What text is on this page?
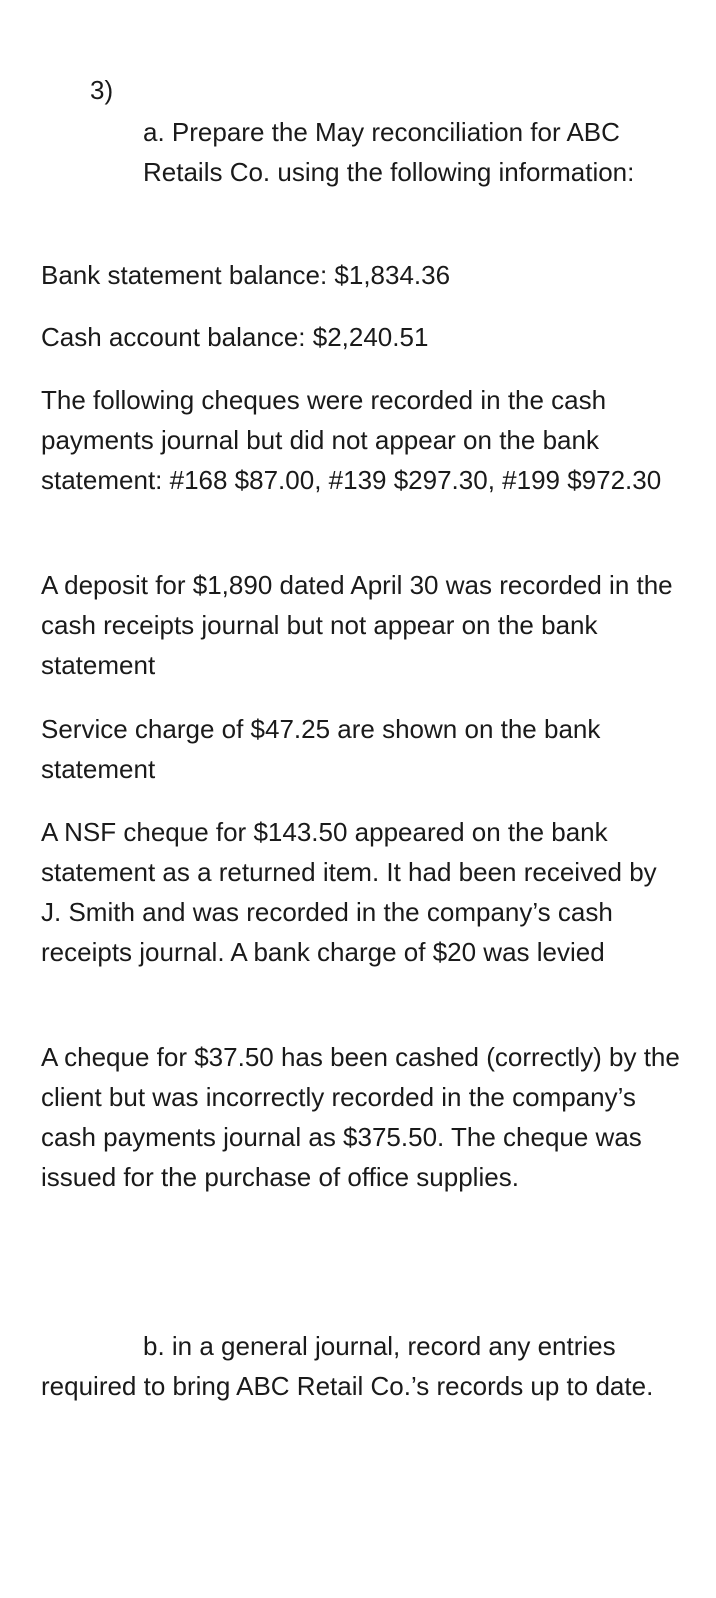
3)
a. Prepare the May reconciliation for ABC Retails Co. using the following information:

Bank statement balance: $1,834.36

Cash account balance: $2,240.51

The following cheques were recorded in the cash payments journal but did not appear on the bank statement: #168 $87.00, #139 $297.30, #199 $972.30

A deposit for $1,890 dated April 30 was recorded in the cash receipts journal but not appear on the bank statement

Service charge of $47.25 are shown on the bank statement

A NSF cheque for $143.50 appeared on the bank statement as a returned item. It had been received by J. Smith and was recorded in the company’s cash receipts journal. A bank charge of $20 was levied

A cheque for $37.50 has been cashed (correctly) by the client but was incorrectly recorded in the company’s cash payments journal as $375.50. The cheque was issued for the purchase of office supplies.

b. in a general journal, record any entries required to bring ABC Retail Co.’s records up to date.
